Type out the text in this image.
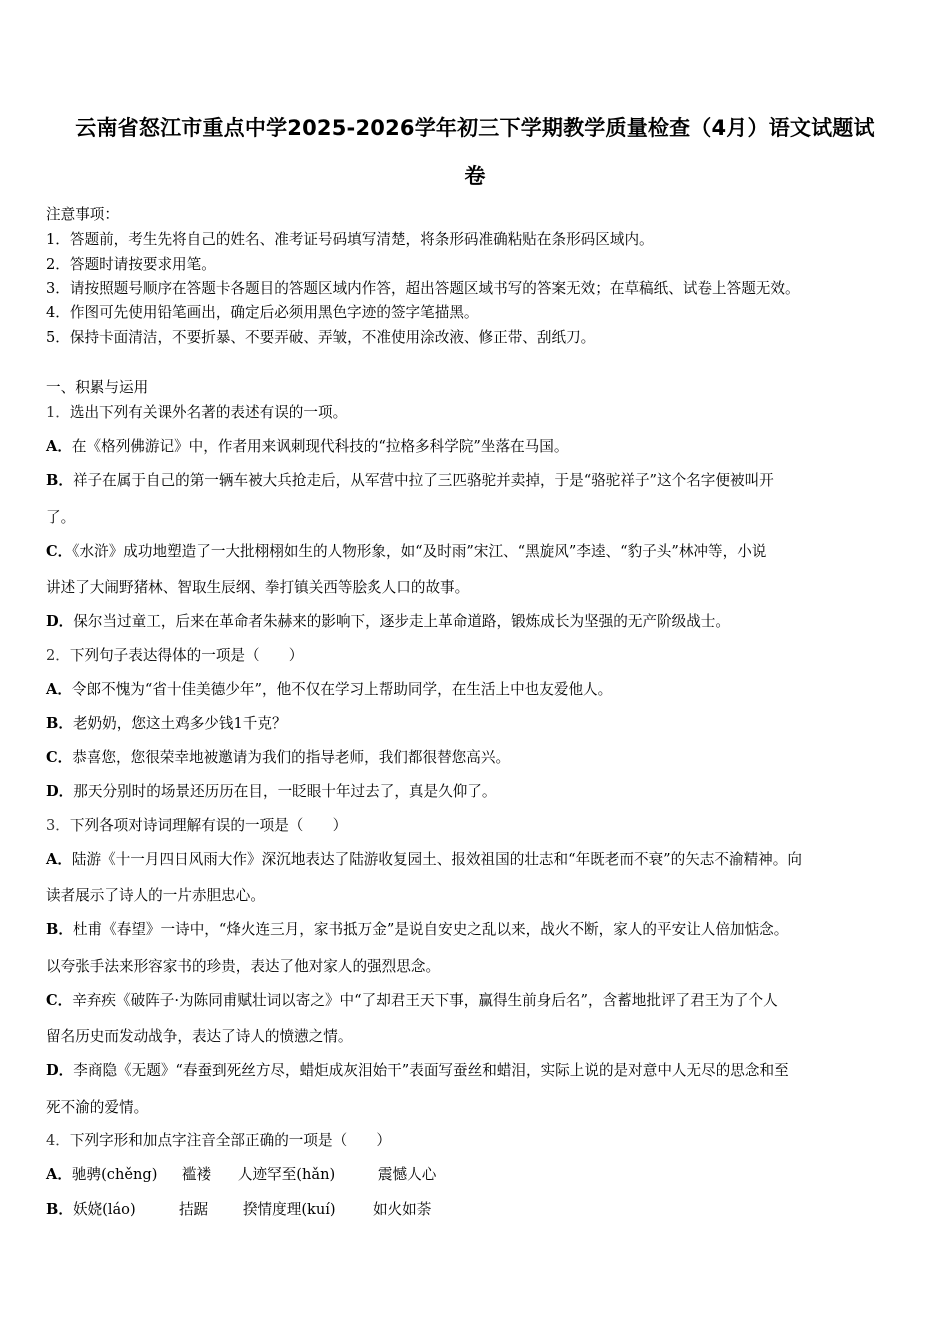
云南省怒江市重点中学2025-2026学年初三下学期教学质量检查（4月）语文试题试
卷
注意事项：
1．答题前，考生先将自己的姓名、准考证号码填写清楚，将条形码准确粘贴在条形码区域内。
2．答题时请按要求用笔。
3．请按照题号顺序在答题卡各题目的答题区域内作答，超出答题区域书写的答案无效；在草稿纸、试卷上答题无效。
4．作图可先使用铅笔画出，确定后必须用黑色字迹的签字笔描黑。
5．保持卡面清洁，不要折暴、不要弄破、弄皱，不准使用涂改液、修正带、刮纸刀。
一、积累与运用
1．选出下列有关课外名著的表述有误的一项。
A．在《格列佛游记》中，作者用来讽刺现代科技的“拉格多科学院”坐落在马国。
B．祥子在属于自己的第一辆车被大兵抢走后，从军营中拉了三匹骆驼并卖掉，于是“骆驼祥子”这个名字便被叫开
了。
C．《水浒》成功地塑造了一大批栩栩如生的人物形象，如“及时雨”宋江、“黑旋风”李逵、“豹子头”林冲等，小说
讲述了大闹野猪林、智取生辰纲、拳打镇关西等脍炙人口的故事。
D．保尔当过童工，后来在革命者朱赫来的影响下，逐步走上革命道路，锻炼成长为坚强的无产阶级战士。
2．下列句子表达得体的一项是（　　）
A．令郎不愧为“省十佳美德少年”，他不仅在学习上帮助同学，在生活上中也友爱他人。
B．老奶奶，您这土鸡多少钱1千克？
C．恭喜您，您很荣幸地被邀请为我们的指导老师，我们都很替您高兴。
D．那天分别时的场景还历历在目，一眨眼十年过去了，真是久仰了。
3．下列各项对诗词理解有误的一项是（　　）
A．陆游《十一月四日风雨大作》深沉地表达了陆游收复园土、报效祖国的壮志和“年既老而不衰”的矢志不渝精神。向
读者展示了诗人的一片赤胆忠心。
B．杜甫《春望》一诗中，“烽火连三月，家书抵万金”是说自安史之乱以来，战火不断，家人的平安让人倍加惦念。
以夸张手法来形容家书的珍贵，表达了他对家人的强烈思念。
C．辛弃疾《破阵子·为陈同甫赋壮词以寄之》中“了却君王天下事，赢得生前身后名”，含蓄地批评了君王为了个人
留名历史而发动战争，表达了诗人的愤懑之情。
D．李商隐《无题》“春蚕到死丝方尽，蜡炬成灰泪始干”表面写蚕丝和蜡泪，实际上说的是对意中人无尽的思念和至
死不渝的爱情。
4．下列字形和加点字注音全部正确的一项是（　　）
A．驰骋(chěng) 褴褛 人迹罕至(hǎn)	震憾人心
B．妖娆(láo)	拮踞 揆情度理(kuí)	如火如荼
